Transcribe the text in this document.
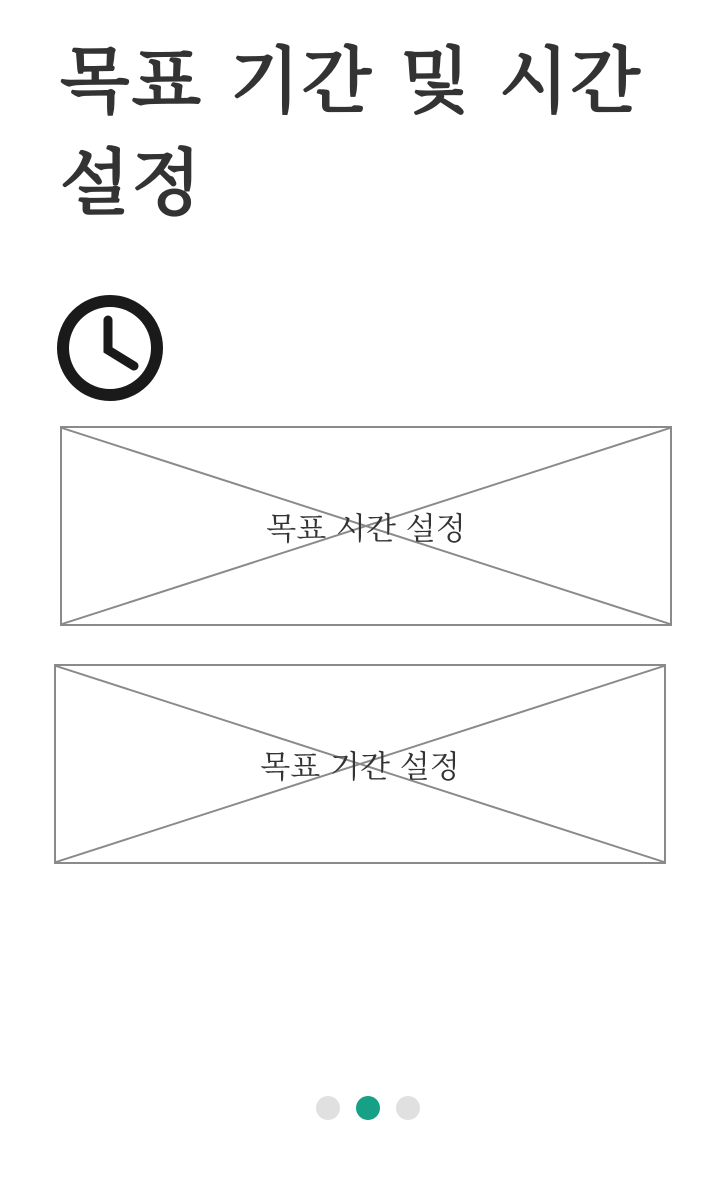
목표 기간 및 시간 설정
목표 시간 설정
목표 기간 설정
